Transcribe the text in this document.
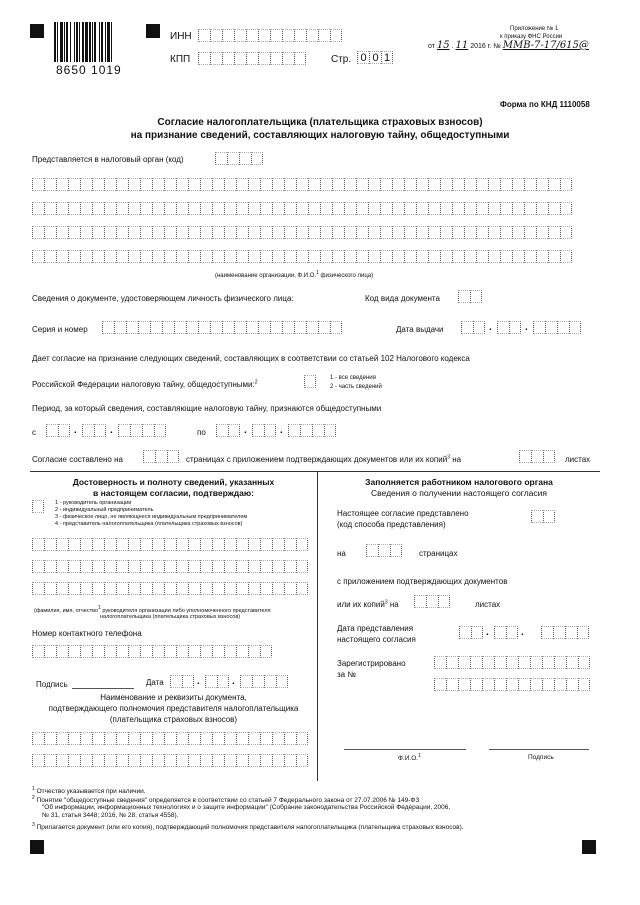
8650 1019
ИНН
КПП	Стр. 0 0 1
Приложение № 1
к приказу ФНС России
от 15 . 11 2016 г. № ММВ-7-17/615@
Форма по КНД 1110058
Согласие налогоплательщика (плательщика страховых взносов)
на признание сведений, составляющих налоговую тайну, общедоступными
Представляется в налоговый орган (код)
(наименование организации, Ф.И.О.$^1$ физического лица)
Сведения о документе, удостоверяющем личность физического лица:	Код вида документа
Серия и номер	Дата выдачи	.	.
Дает согласие на признание следующих сведений, составляющих в соответствии со статьей 102 Налогового кодекса
Российской Федерации налоговую тайну, общедоступными:$^2$
1 - все сведения
2 - часть сведений
Период, за который сведения, составляющие налоговую тайну, признаются общедоступными
с	.	.	по	.	.
Согласие составлено на	страницах с приложением подтверждающих документов или их копий$^3$ на	листах
Достоверность и полноту сведений, указанных
в настоящем согласии, подтверждаю:
1 - руководитель организации
2 - индивидуальный предприниматель
3 - физическое лицо, не являющееся индивидуальным предпринимателем
4 - представитель налогоплательщика (плательщика страховых взносов)
(фамилия, имя, отчество$^1$ руководителя организации либо уполномоченного представителя
налогоплательщика (плательщика страховых взносов)
Номер контактного телефона
Подпись	Дата	.	.
Наименование и реквизиты документа,
подтверждающего полномочия представителя налогоплательщика
(плательщика страховых взносов)
Заполняется работником налогового органа
Сведения о получении настоящего согласия
Настоящее согласие представлено
(код способа представления)
на	страницах
с приложением подтверждающих документов
или их копий$^3$ на	листах
Дата представления
настоящего согласия
.	.
Зарегистрировано
за №
Ф.И.О.$^1$	Подпись
$^1$ Отчество указывается при наличии.
$^2$ Понятие "общедоступные сведения" определяется в соответствии со статьей 7 Федерального закона от 27.07.2006 № 149-ФЗ
"Об информации, информационных технологиях и о защите информации" (Собрание законодательства Российской Федерации, 2006,
№ 31, статья 3448; 2016, № 28, статья 4558).
$^3$ Прилагается документ (или его копия), подтверждающий полномочия представителя налогоплательщика (плательщика страховых взносов).
